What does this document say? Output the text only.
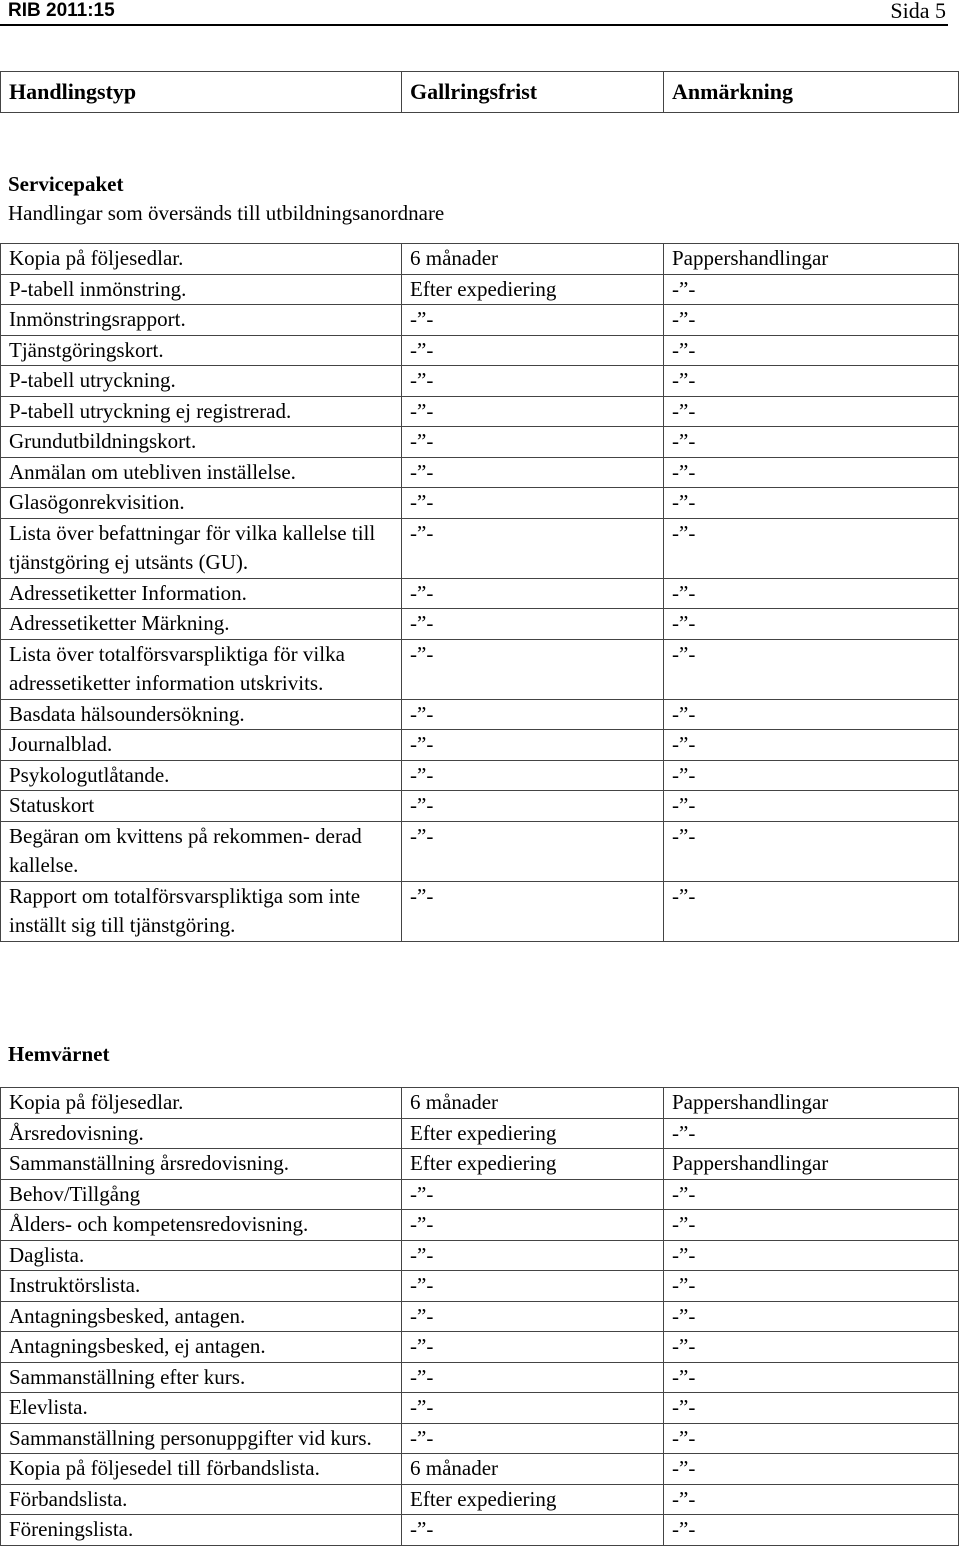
RIB 2011:15	Sida 5
Handlingstyp	Gallringsfrist	Anmärkning
Servicepaket
Handlingar som översänds till utbildningsanordnare
Kopia på följesedlar.	6 månader	Pappershandlingar
P-tabell inmönstring.	Efter expediering	-”-
Inmönstringsrapport.	-”-	-”-
Tjänstgöringskort.	-”-	-”-
P-tabell utryckning.	-”-	-”-
P-tabell utryckning ej registrerad.	-”-	-”-
Grundutbildningskort.	-”-	-”-
Anmälan om utebliven inställelse.	-”-	-”-
Glasögonrekvisition.	-”-	-”-
Lista över befattningar för vilka kallelse till tjänstgöring ej utsänts (GU).	-”-	-”-
Adressetiketter Information.	-”-	-”-
Adressetiketter Märkning.	-”-	-”-
Lista över totalförsvarspliktiga för vilka adressetiketter information utskrivits.	-”-	-”-
Basdata hälsoundersökning.	-”-	-”-
Journalblad.	-”-	-”-
Psykologutlåtande.	-”-	-”-
Statuskort	-”-	-”-
Begäran om kvittens på rekommen- derad kallelse.	-”-	-”-
Rapport om totalförsvarspliktiga som inte inställt sig till tjänstgöring.	-”-	-”-
Hemvärnet
Kopia på följesedlar.	6 månader	Pappershandlingar
Årsredovisning.	Efter expediering	-”-
Sammanställning årsredovisning.	Efter expediering	Pappershandlingar
Behov/Tillgång	-”-	-”-
Ålders- och kompetensredovisning.	-”-	-”-
Daglista.	-”-	-”-
Instruktörslista.	-”-	-”-
Antagningsbesked, antagen.	-”-	-”-
Antagningsbesked, ej antagen.	-”-	-”-
Sammanställning efter kurs.	-”-	-”-
Elevlista.	-”-	-”-
Sammanställning personuppgifter vid kurs.	-”-	-”-
Kopia på följesedel till förbandslista.	6 månader	-”-
Förbandslista.	Efter expediering	-”-
Föreningslista.	-”-	-”-
